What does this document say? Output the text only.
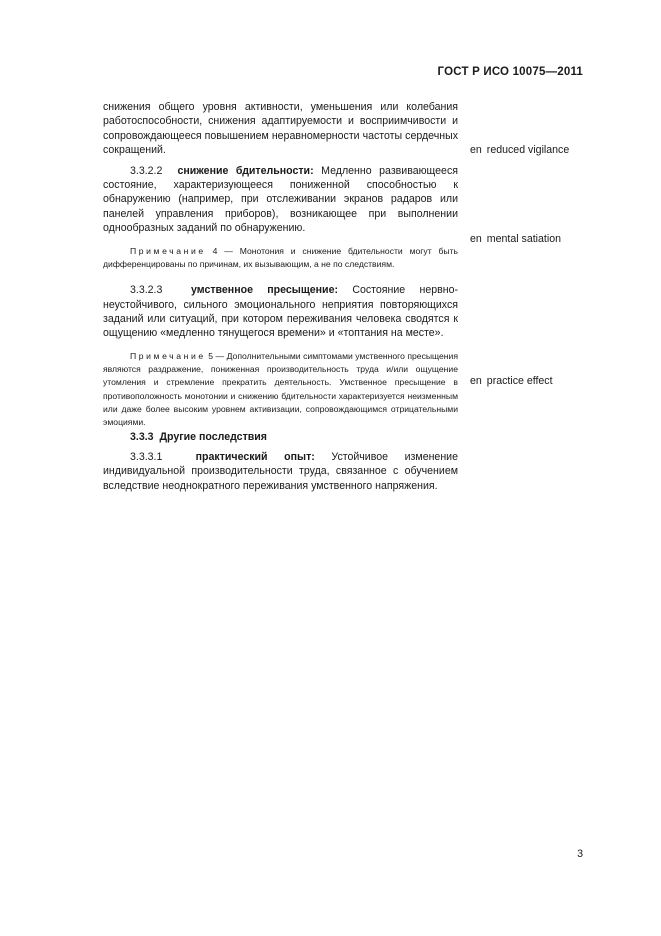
ГОСТ Р ИСО 10075—2011

снижения общего уровня активности, уменьшения или колебания работоспособности, снижения адаптируемости и восприимчивости и сопровождающееся повышением неравномерности частоты сердечных сокращений.

3.3.2.2 снижение бдительности: Медленно развивающееся состояние, характеризующееся пониженной способностью к обнаружению (например, при отслеживании экранов радаров или панелей управления приборов), возникающее при выполнении однообразных заданий по обнаружению.

Примечание 4 — Монотония и снижение бдительности могут быть дифференцированы по причинам, их вызывающим, а не по следствиям.

3.3.2.3	умственное пресыщение: Состояние нервно-неустойчивого, сильного эмоционального неприятия повторяющихся заданий или ситуаций, при котором переживания человека сводятся к ощущению «медленно тянущегося времени» и «топтания на месте».

Примечание 5 — Дополнительными симптомами умственного пресыщения являются раздражение, пониженная производительность труда и/или ощущение утомления и стремление прекратить деятельность. Умственное пресыщение в противоположность монотонии и снижению бдительности характеризуется неизменным или даже более высоким уровнем активизации, сопровождающимся отрицательными эмоциями.

3.3.3 Другие последствия

3.3.3.1	практический опыт: Устойчивое изменение индивидуальной производительности труда, связанное с обучением вследствие неоднократного переживания умственного напряжения.

en reduced vigilance
en mental satiation
en practice effect
3
